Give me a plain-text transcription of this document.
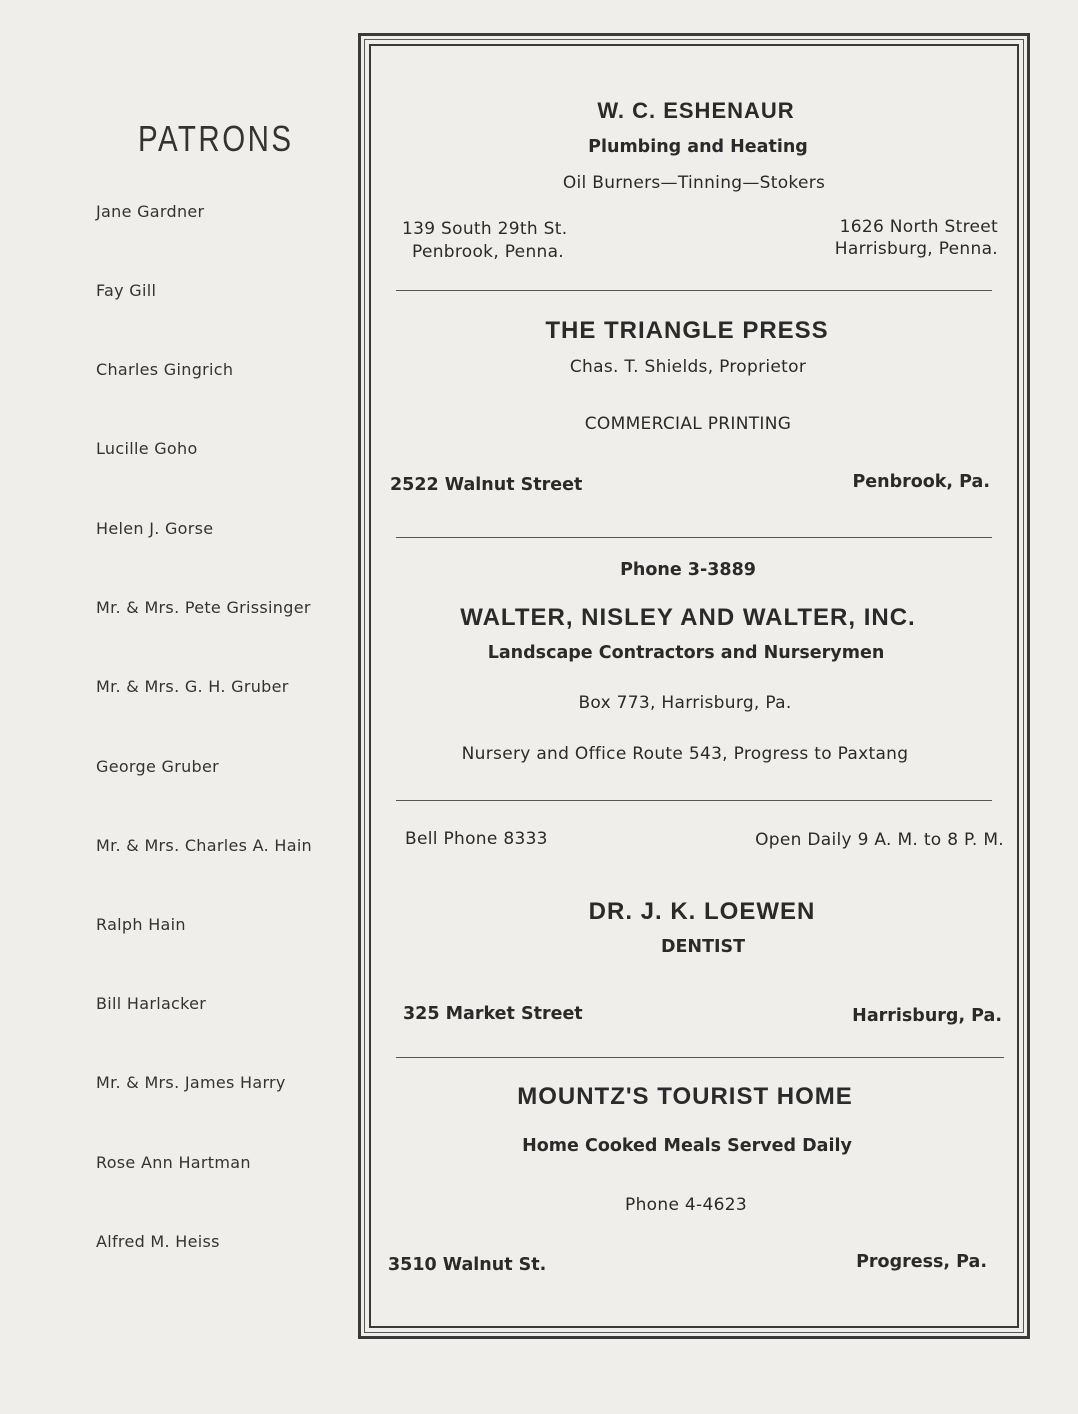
PATRONS
Jane Gardner
Fay Gill
Charles Gingrich
Lucille Goho
Helen J. Gorse
Mr. & Mrs. Pete Grissinger
Mr. & Mrs. G. H. Gruber
George Gruber
Mr. & Mrs. Charles A. Hain
Ralph Hain
Bill Harlacker
Mr. & Mrs. James Harry
Rose Ann Hartman
Alfred M. Heiss
W. C. ESHENAUR
Plumbing and Heating
Oil Burners—Tinning—Stokers
139 South 29th St.
Penbrook, Penna.
1626 North Street
Harrisburg, Penna.
THE TRIANGLE PRESS
Chas. T. Shields, Proprietor
COMMERCIAL PRINTING
2522 Walnut Street	Penbrook, Pa.
Phone 3-3889
WALTER, NISLEY AND WALTER, INC.
Landscape Contractors and Nurserymen
Box 773, Harrisburg, Pa.
Nursery and Office Route 543, Progress to Paxtang
Bell Phone 8333	Open Daily 9 A. M. to 8 P. M.
DR. J. K. LOEWEN
DENTIST
325 Market Street	Harrisburg, Pa.
MOUNTZ'S TOURIST HOME
Home Cooked Meals Served Daily
Phone 4-4623
3510 Walnut St.	Progress, Pa.
